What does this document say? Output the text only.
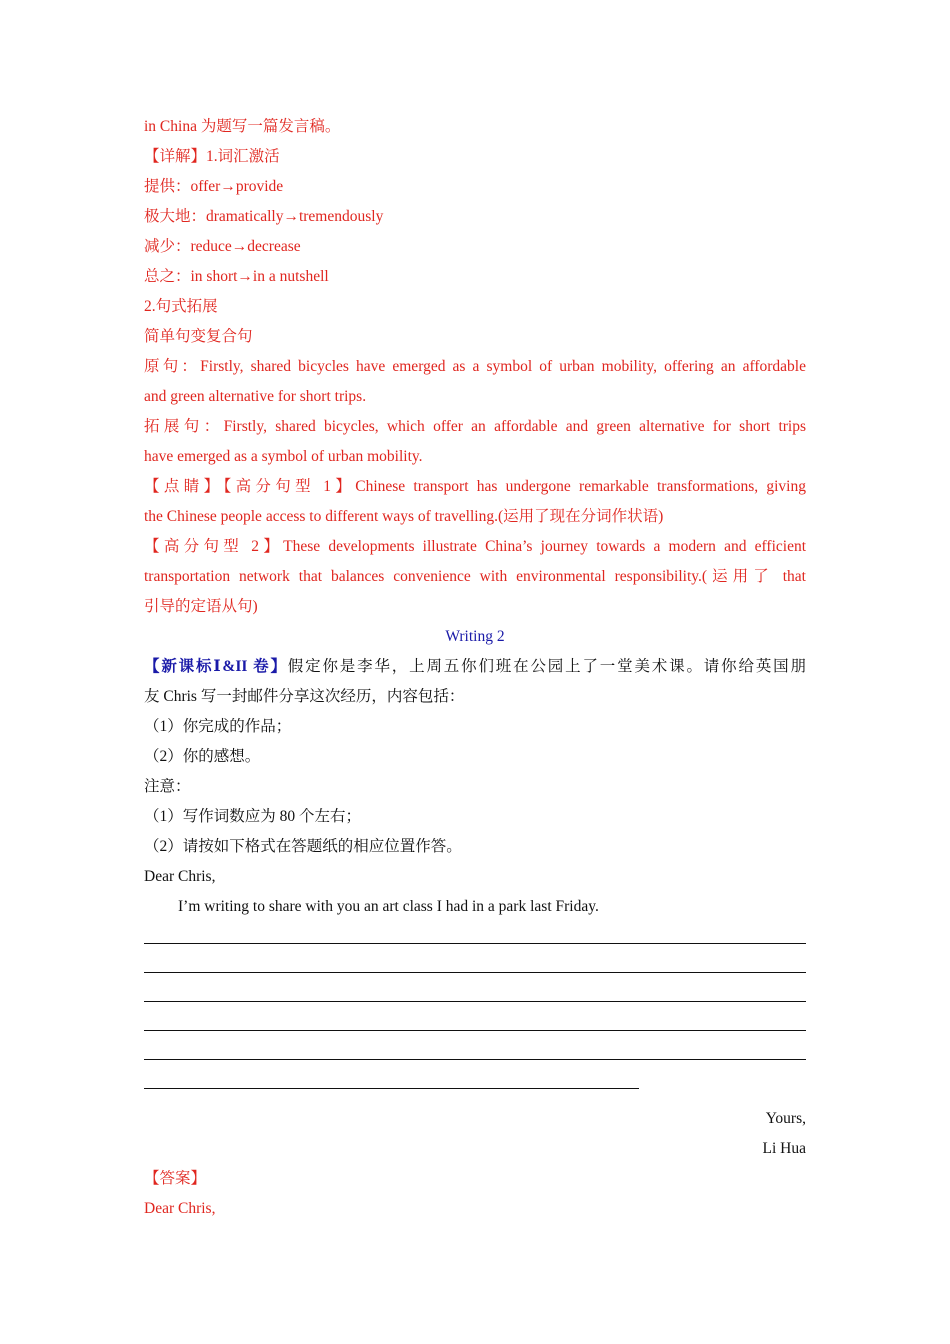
in China 为题写一篇发言稿。
【详解】1.词汇激活
提供：offer→provide
极大地：dramatically→tremendously
减少：reduce→decrease
总之：in short→in a nutshell
2.句式拓展
简单句变复合句
原句：Firstly, shared bicycles have emerged as a symbol of urban mobility, offering an affordable
and green alternative for short trips.
拓展句：Firstly, shared bicycles, which offer an affordable and green alternative for short trips
have emerged as a symbol of urban mobility.
【点睛】【高分句型 1】Chinese transport has undergone remarkable transformations, giving
the Chinese people access to different ways of travelling.(运用了现在分词作状语)
【高分句型 2】These developments illustrate China’s journey towards a modern and efficient
transportation network that balances convenience with environmental responsibility.(运用了 that
引导的定语从句)
Writing 2
【新课标Ⅰ&II 卷】假定你是李华，上周五你们班在公园上了一堂美术课。请你给英国朋
友 Chris 写一封邮件分享这次经历，内容包括：
（1）你完成的作品；
（2）你的感想。
注意：
（1）写作词数应为 80 个左右；
（2）请按如下格式在答题纸的相应位置作答。
Dear Chris,
I’m writing to share with you an art class I had in a park last Friday.
Yours,
Li Hua
【答案】
Dear Chris,
